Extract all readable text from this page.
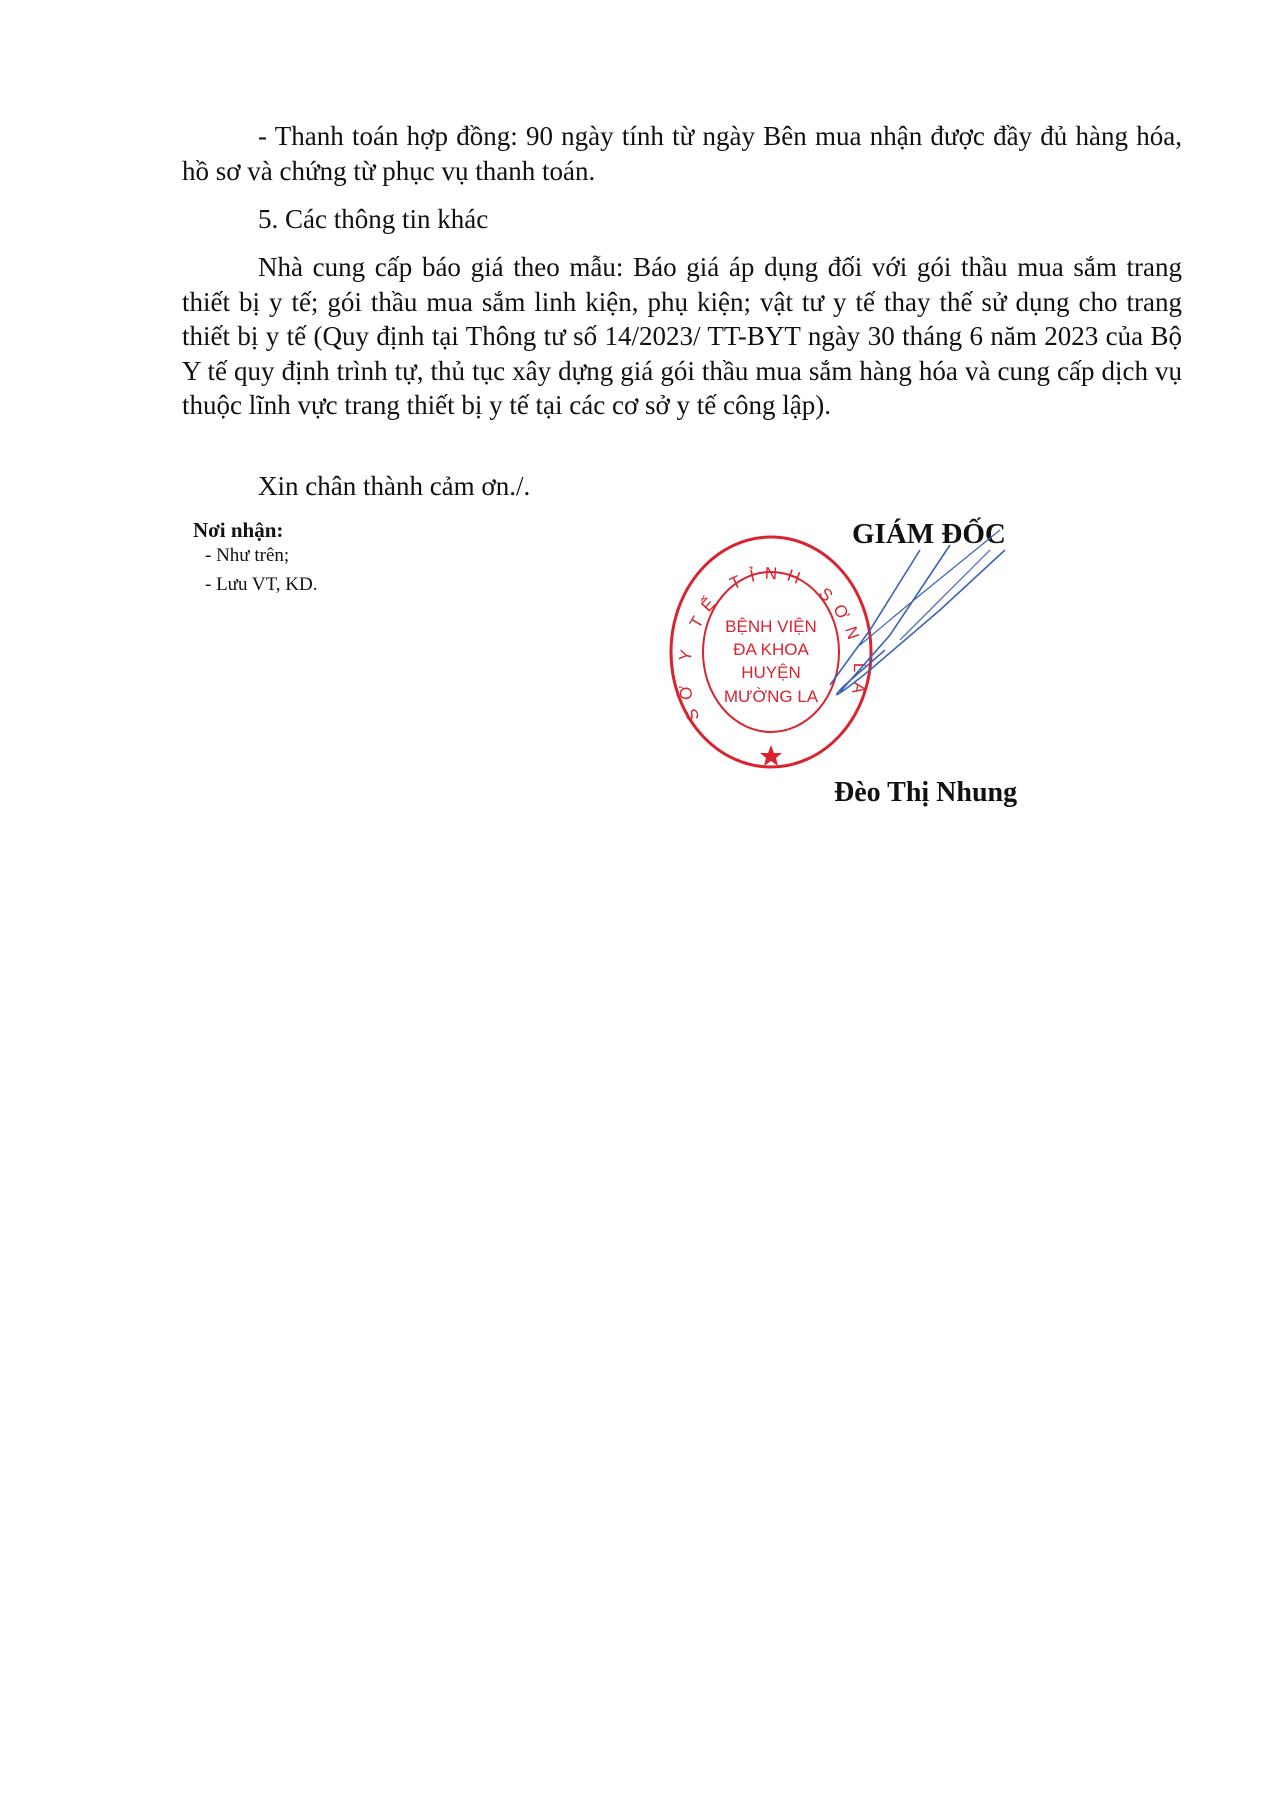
- Thanh toán hợp đồng: 90 ngày tính từ ngày Bên mua nhận được đầy đủ hàng hóa, hồ sơ và chứng từ phục vụ thanh toán.

5. Các thông tin khác

Nhà cung cấp báo giá theo mẫu: Báo giá áp dụng đối với gói thầu mua sắm trang thiết bị y tế; gói thầu mua sắm linh kiện, phụ kiện; vật tư y tế thay thế sử dụng cho trang thiết bị y tế (Quy định tại Thông tư số 14/2023/ TT-BYT ngày 30 tháng 6 năm 2023 của Bộ Y tế quy định trình tự, thủ tục xây dựng giá gói thầu mua sắm hàng hóa và cung cấp dịch vụ thuộc lĩnh vực trang thiết bị y tế tại các cơ sở y tế công lập).

Xin chân thành cảm ơn./.

Nơi nhận:

- Như trên;
- Lưu VT, KD.

GIÁM ĐỐC

SỞ Y TẾ TỈNH SƠN LA
BỆNH VIỆN
ĐA KHOA
HUYỆN
MƯỜNG LA

Đèo Thị Nhung
